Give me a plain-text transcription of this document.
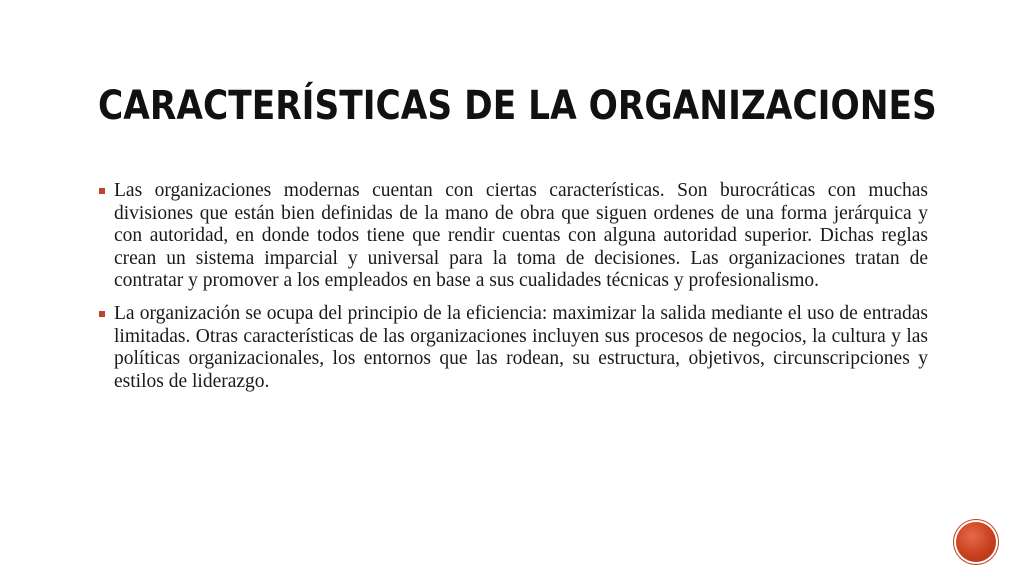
CARACTERÍSTICAS DE LA ORGANIZACIONES
Las organizaciones modernas cuentan con ciertas características. Son burocráticas con muchas divisiones que están bien definidas de la mano de obra que siguen ordenes de una forma jerárquica y con autoridad, en donde todos tiene que rendir cuentas con alguna autoridad superior. Dichas reglas crean un sistema imparcial y universal para la toma de decisiones. Las organizaciones tratan de contratar y promover a los empleados en base a sus cualidades técnicas y profesionalismo.
La organización se ocupa del principio de la eficiencia: maximizar la salida mediante el uso de entradas limitadas. Otras características de las organizaciones incluyen sus procesos de negocios, la cultura y las políticas organizacionales, los entornos que las rodean, su estructura, objetivos, circunscripciones y estilos de liderazgo.
